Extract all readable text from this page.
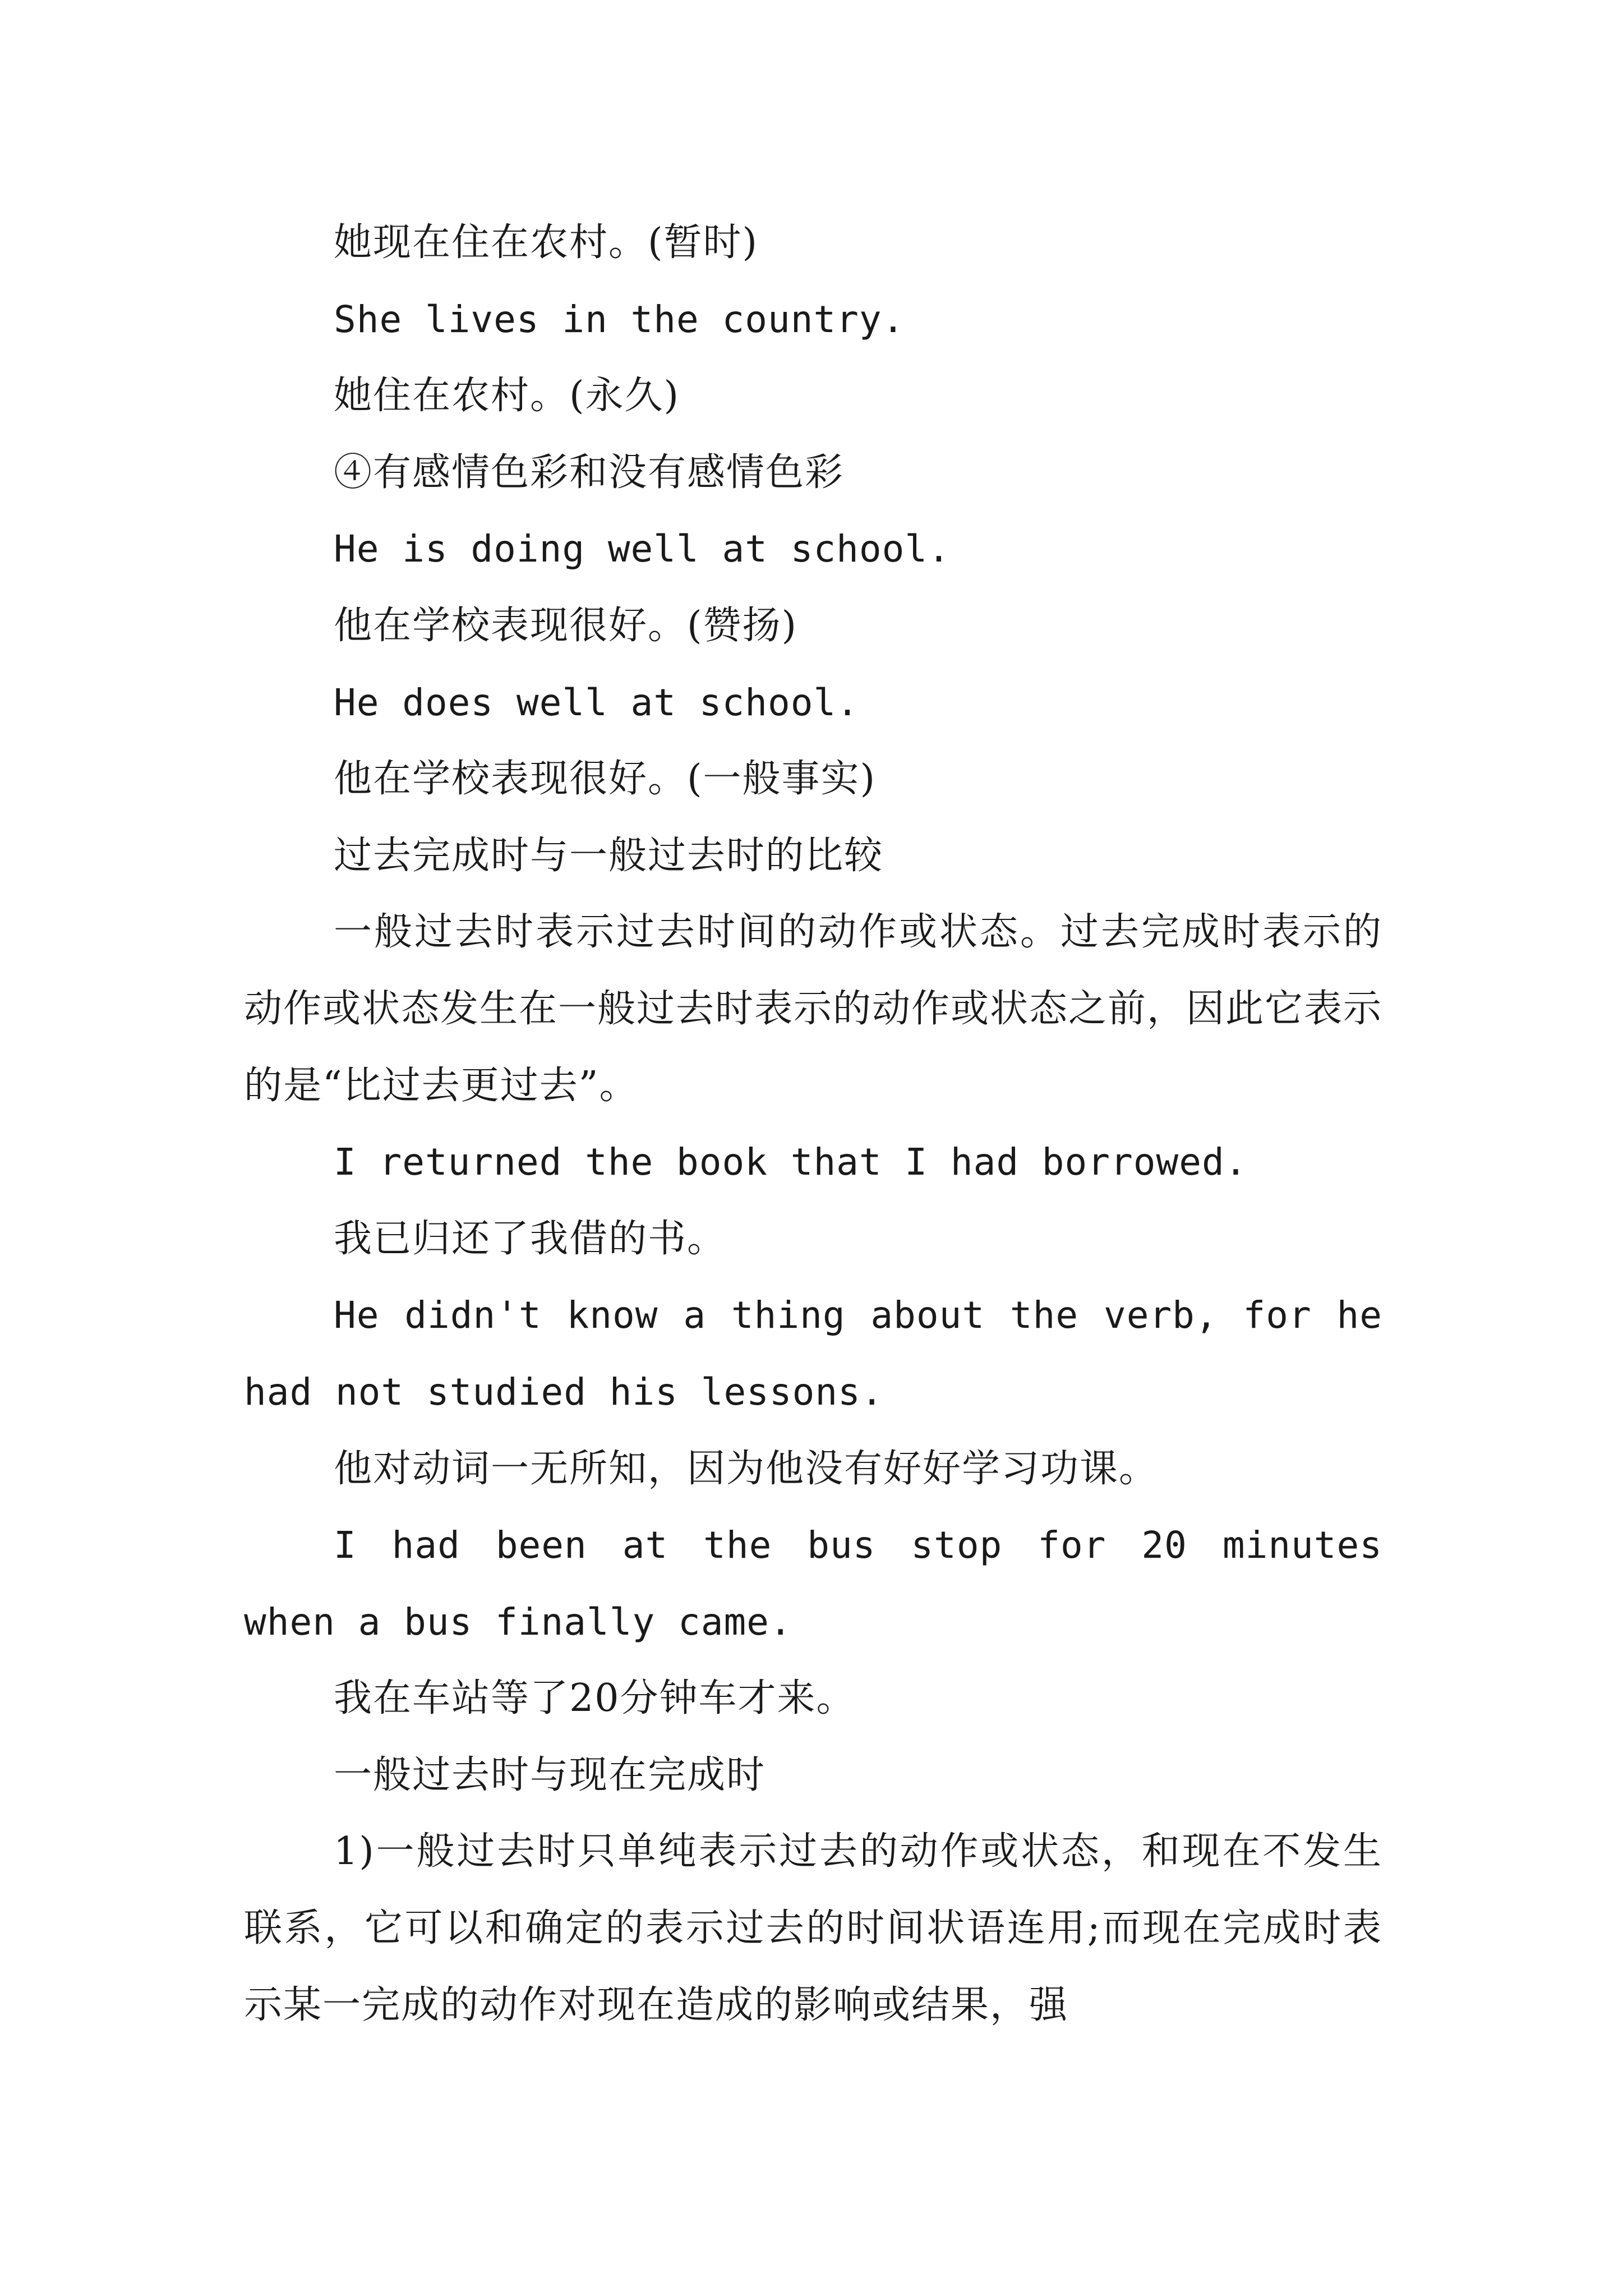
她现在住在农村。(暂时)

She lives in the country.

她住在农村。(永久)

④有感情色彩和没有感情色彩

He is doing well at school.

他在学校表现很好。(赞扬)

He does well at school.

他在学校表现很好。(一般事实)

过去完成时与一般过去时的比较

一般过去时表示过去时间的动作或状态。过去完成时表示的动作或状态发生在一般过去时表示的动作或状态之前，因此它表示的是“比过去更过去”。

I returned the book that I had borrowed.

我已归还了我借的书。

He didn't know a thing about the verb, for he had not studied his lessons.

他对动词一无所知，因为他没有好好学习功课。

I had been at the bus stop for 20 minutes when a bus finally came.

我在车站等了20分钟车才来。

一般过去时与现在完成时

1)一般过去时只单纯表示过去的动作或状态，和现在不发生联系，它可以和确定的表示过去的时间状语连用;而现在完成时表示某一完成的动作对现在造成的影响或结果，强
